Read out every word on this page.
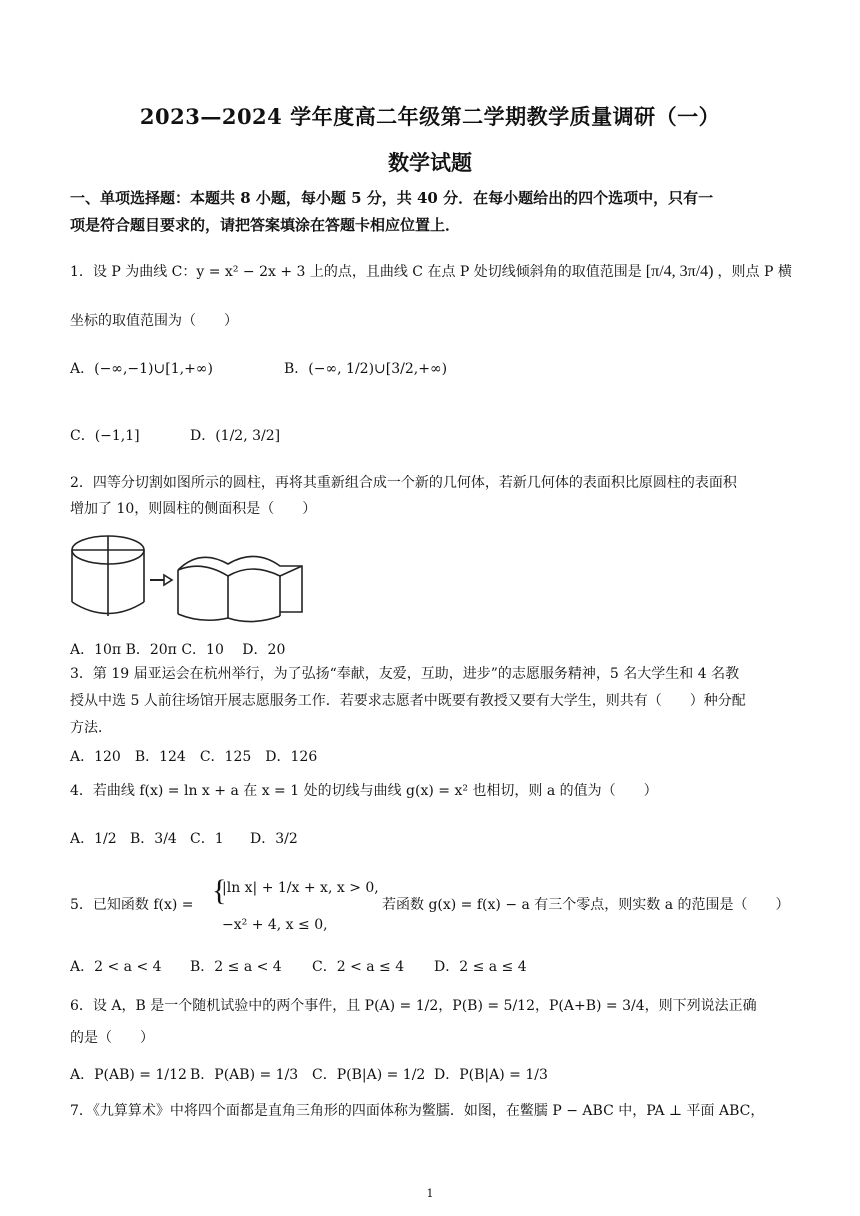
2023—2024 学年度高二年级第二学期教学质量调研（一）
数学试题
一、单项选择题：本题共 8 小题，每小题 5 分，共 40 分．在每小题给出的四个选项中，只有一
项是符合题目要求的，请把答案填涂在答题卡相应位置上．
1．设 P 为曲线 C：y = x² − 2x + 3 上的点，且曲线 C 在点 P 处切线倾斜角的取值范围是 [π/4, 3π/4) ，则点 P 横
坐标的取值范围为（　　）
A．(−∞,−1)∪[1,+∞)	B．(−∞, 1/2)∪[3/2,+∞)
C．(−1,1]	D．(1/2, 3/2]
2．四等分切割如图所示的圆柱，再将其重新组合成一个新的几何体，若新几何体的表面积比原圆柱的表面积
增加了 10，则圆柱的侧面积是（　　）
A．10π B．20π C．10　 D．20
3．第 19 届亚运会在杭州举行，为了弘扬“奉献，友爱，互助，进步”的志愿服务精神，5 名大学生和 4 名教
授从中选 5 人前往场馆开展志愿服务工作．若要求志愿者中既要有教授又要有大学生，则共有（　　）种分配
方法．
A．120　B．124　C．125　D．126
4．若曲线 f(x) = ln x + a 在 x = 1 处的切线与曲线 g(x) = x² 也相切，则 a 的值为（　　）
A．1/2 B．3/4 C．1 D．3/2
5．已知函数 f(x) = {
|ln x| + 1/x + x, x > 0,
−x² + 4, x ≤ 0,
若函数 g(x) = f(x) − a 有三个零点，则实数 a 的范围是（　　）
A．2 < a < 4 B．2 ≤ a < 4 C．2 < a ≤ 4 D．2 ≤ a ≤ 4
6．设 A，B 是一个随机试验中的两个事件，且 P(A) = 1/2，P(B) = 5/12，P(A+B) = 3/4，则下列说法正确
的是（　　）
A．P(AB) = 1/12 B．P(AB) = 1/3 C．P(B|A) = 1/2 D．P(B|A) = 1/3
7．《九算算术》中将四个面都是直角三角形的四面体称为鳖臑．如图，在鳖臑 P − ABC 中，PA ⊥ 平面 ABC，
1
